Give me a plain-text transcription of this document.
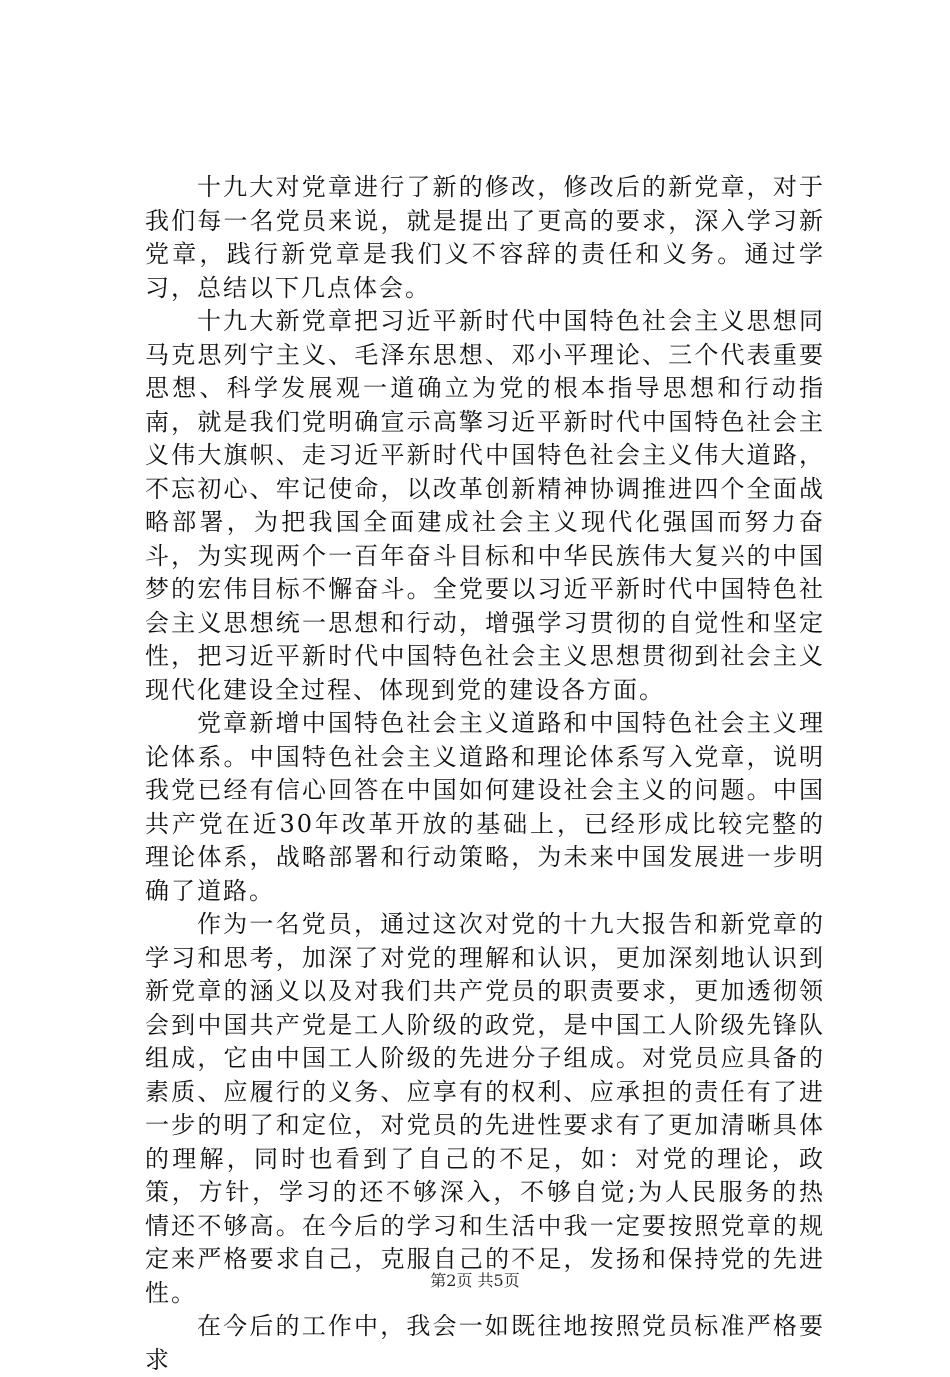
十九大对党章进行了新的修改，修改后的新党章，对于我们每一名党员来说，就是提出了更高的要求，深入学习新党章，践行新党章是我们义不容辞的责任和义务。通过学习，总结以下几点体会。

十九大新党章把习近平新时代中国特色社会主义思想同马克思列宁主义、毛泽东思想、邓小平理论、三个代表重要思想、科学发展观一道确立为党的根本指导思想和行动指南，就是我们党明确宣示高擎习近平新时代中国特色社会主义伟大旗帜、走习近平新时代中国特色社会主义伟大道路，不忘初心、牢记使命，以改革创新精神协调推进四个全面战略部署，为把我国全面建成社会主义现代化强国而努力奋斗，为实现两个一百年奋斗目标和中华民族伟大复兴的中国梦的宏伟目标不懈奋斗。全党要以习近平新时代中国特色社会主义思想统一思想和行动，增强学习贯彻的自觉性和坚定性，把习近平新时代中国特色社会主义思想贯彻到社会主义现代化建设全过程、体现到党的建设各方面。

党章新增中国特色社会主义道路和中国特色社会主义理论体系。中国特色社会主义道路和理论体系写入党章，说明我党已经有信心回答在中国如何建设社会主义的问题。中国共产党在近30年改革开放的基础上，已经形成比较完整的理论体系，战略部署和行动策略，为未来中国发展进一步明确了道路。

作为一名党员，通过这次对党的十九大报告和新党章的学习和思考，加深了对党的理解和认识，更加深刻地认识到新党章的涵义以及对我们共产党员的职责要求，更加透彻领会到中国共产党是工人阶级的政党，是中国工人阶级先锋队组成，它由中国工人阶级的先进分子组成。对党员应具备的素质、应履行的义务、应享有的权利、应承担的责任有了进一步的明了和定位，对党员的先进性要求有了更加清晰具体的理解，同时也看到了自己的不足，如：对党的理论，政策，方针，学习的还不够深入，不够自觉;为人民服务的热情还不够高。在今后的学习和生活中我一定要按照党章的规定来严格要求自己，克服自己的不足，发扬和保持党的先进性。

在今后的工作中，我会一如既往地按照党员标准严格要求

第2页 共5页
